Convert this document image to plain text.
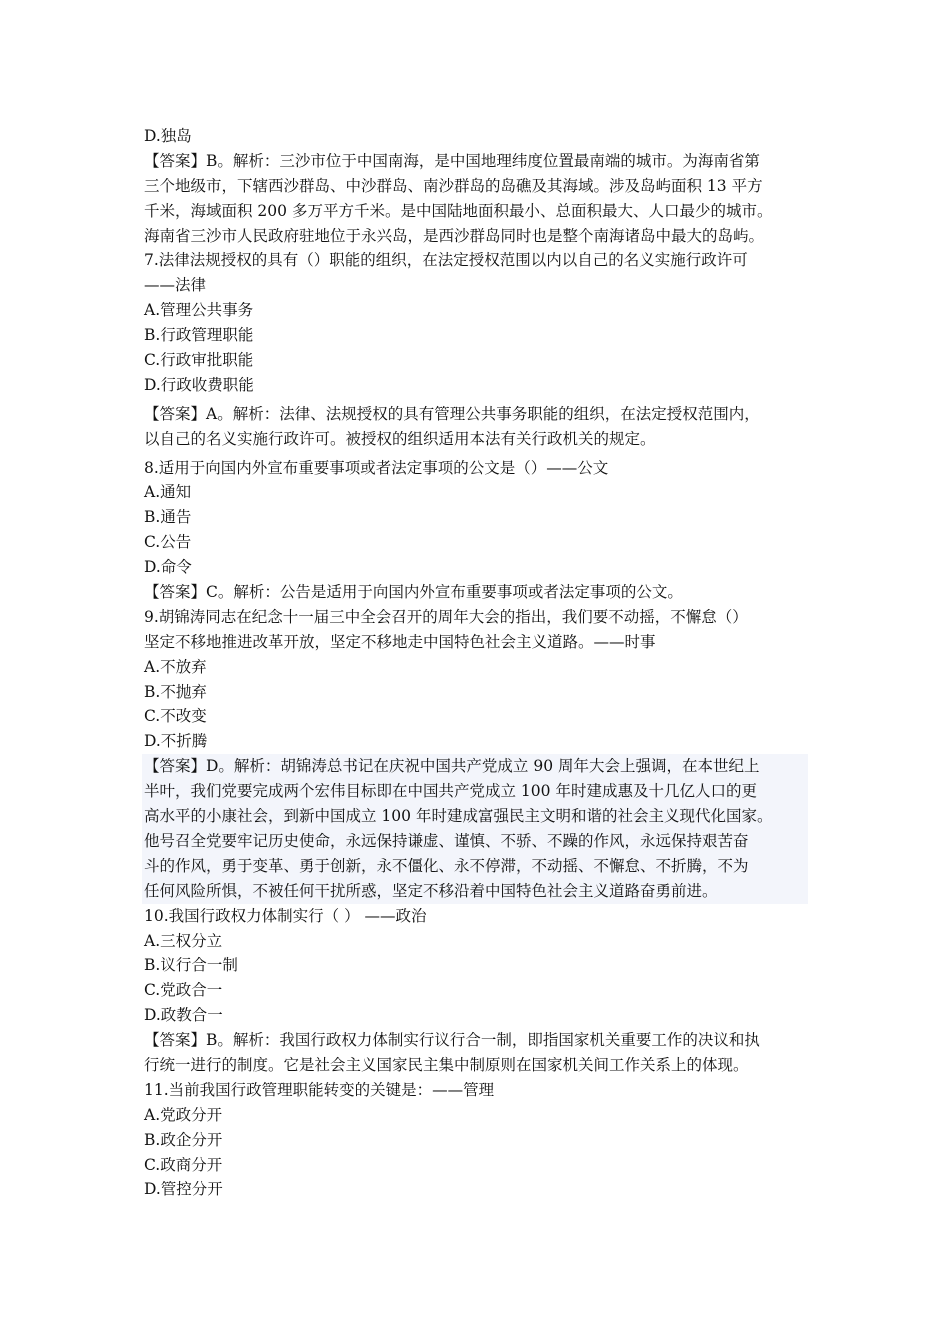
D.独岛
【答案】B。解析：三沙市位于中国南海，是中国地理纬度位置最南端的城市。为海南省第
三个地级市，下辖西沙群岛、中沙群岛、南沙群岛的岛礁及其海域。涉及岛屿面积 13 平方
千米，海域面积 200 多万平方千米。是中国陆地面积最小、总面积最大、人口最少的城市。
海南省三沙市人民政府驻地位于永兴岛，是西沙群岛同时也是整个南海诸岛中最大的岛屿。
7.法律法规授权的具有（）职能的组织，在法定授权范围以内以自己的名义实施行政许可
——法律
A.管理公共事务
B.行政管理职能
C.行政审批职能
D.行政收费职能
【答案】A。解析：法律、法规授权的具有管理公共事务职能的组织，在法定授权范围内，
以自己的名义实施行政许可。被授权的组织适用本法有关行政机关的规定。
8.适用于向国内外宣布重要事项或者法定事项的公文是（）——公文
A.通知
B.通告
C.公告
D.命令
【答案】C。解析：公告是适用于向国内外宣布重要事项或者法定事项的公文。
9.胡锦涛同志在纪念十一届三中全会召开的周年大会的指出，我们要不动摇，不懈怠（）
坚定不移地推进改革开放，坚定不移地走中国特色社会主义道路。——时事
A.不放弃
B.不抛弃
C.不改变
D.不折腾
【答案】D。解析：胡锦涛总书记在庆祝中国共产党成立 90 周年大会上强调，在本世纪上
半叶，我们党要完成两个宏伟目标即在中国共产党成立 100 年时建成惠及十几亿人口的更
高水平的小康社会，到新中国成立 100 年时建成富强民主文明和谐的社会主义现代化国家。
他号召全党要牢记历史使命，永远保持谦虚、谨慎、不骄、不躁的作风，永远保持艰苦奋
斗的作风，勇于变革、勇于创新，永不僵化、永不停滞，不动摇、不懈怠、不折腾，不为
任何风险所惧，不被任何干扰所惑，坚定不移沿着中国特色社会主义道路奋勇前进。
10.我国行政权力体制实行（ ） ——政治
A.三权分立
B.议行合一制
C.党政合一
D.政教合一
【答案】B。解析：我国行政权力体制实行议行合一制，即指国家机关重要工作的决议和执
行统一进行的制度。它是社会主义国家民主集中制原则在国家机关间工作关系上的体现。
11.当前我国行政管理职能转变的关键是：——管理
A.党政分开
B.政企分开
C.政商分开
D.管控分开
